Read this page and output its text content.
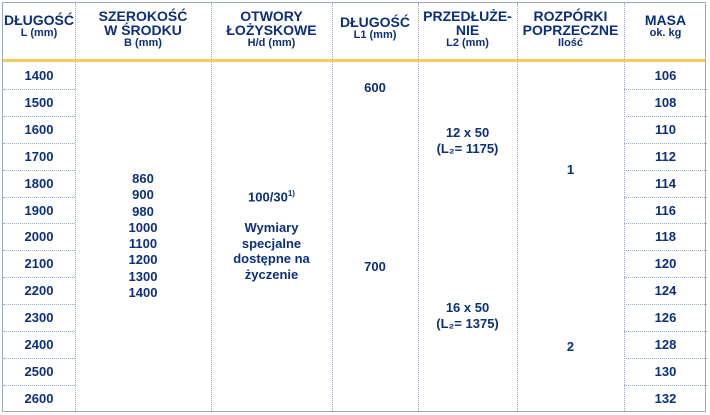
DŁUGOŚĆ
L (mm)
SZEROKOŚĆ
W ŚRODKU
B (mm)
OTWORY
ŁOŻYSKOWE
H/d (mm)
DŁUGOŚĆ
L1 (mm)
PRZEDŁUŻE-
NIE
L2 (mm)
ROZPÓRKI
POPRZECZNE
Ilość
MASA
ok. kg
1400
1500
1600
1700
1800
1900
2000
2100
2200
2300
2400
2500
2600
860
900
980
1000
1100
1200
1300
1400
100/30$^{1)}$
Wymiary
specjalne
dostępne na
życzenie
600
700
12 x 50
(L₂= 1175)
16 x 50
(L₂= 1375)
1
2
106
108
110
112
114
116
118
120
124
126
128
130
132
